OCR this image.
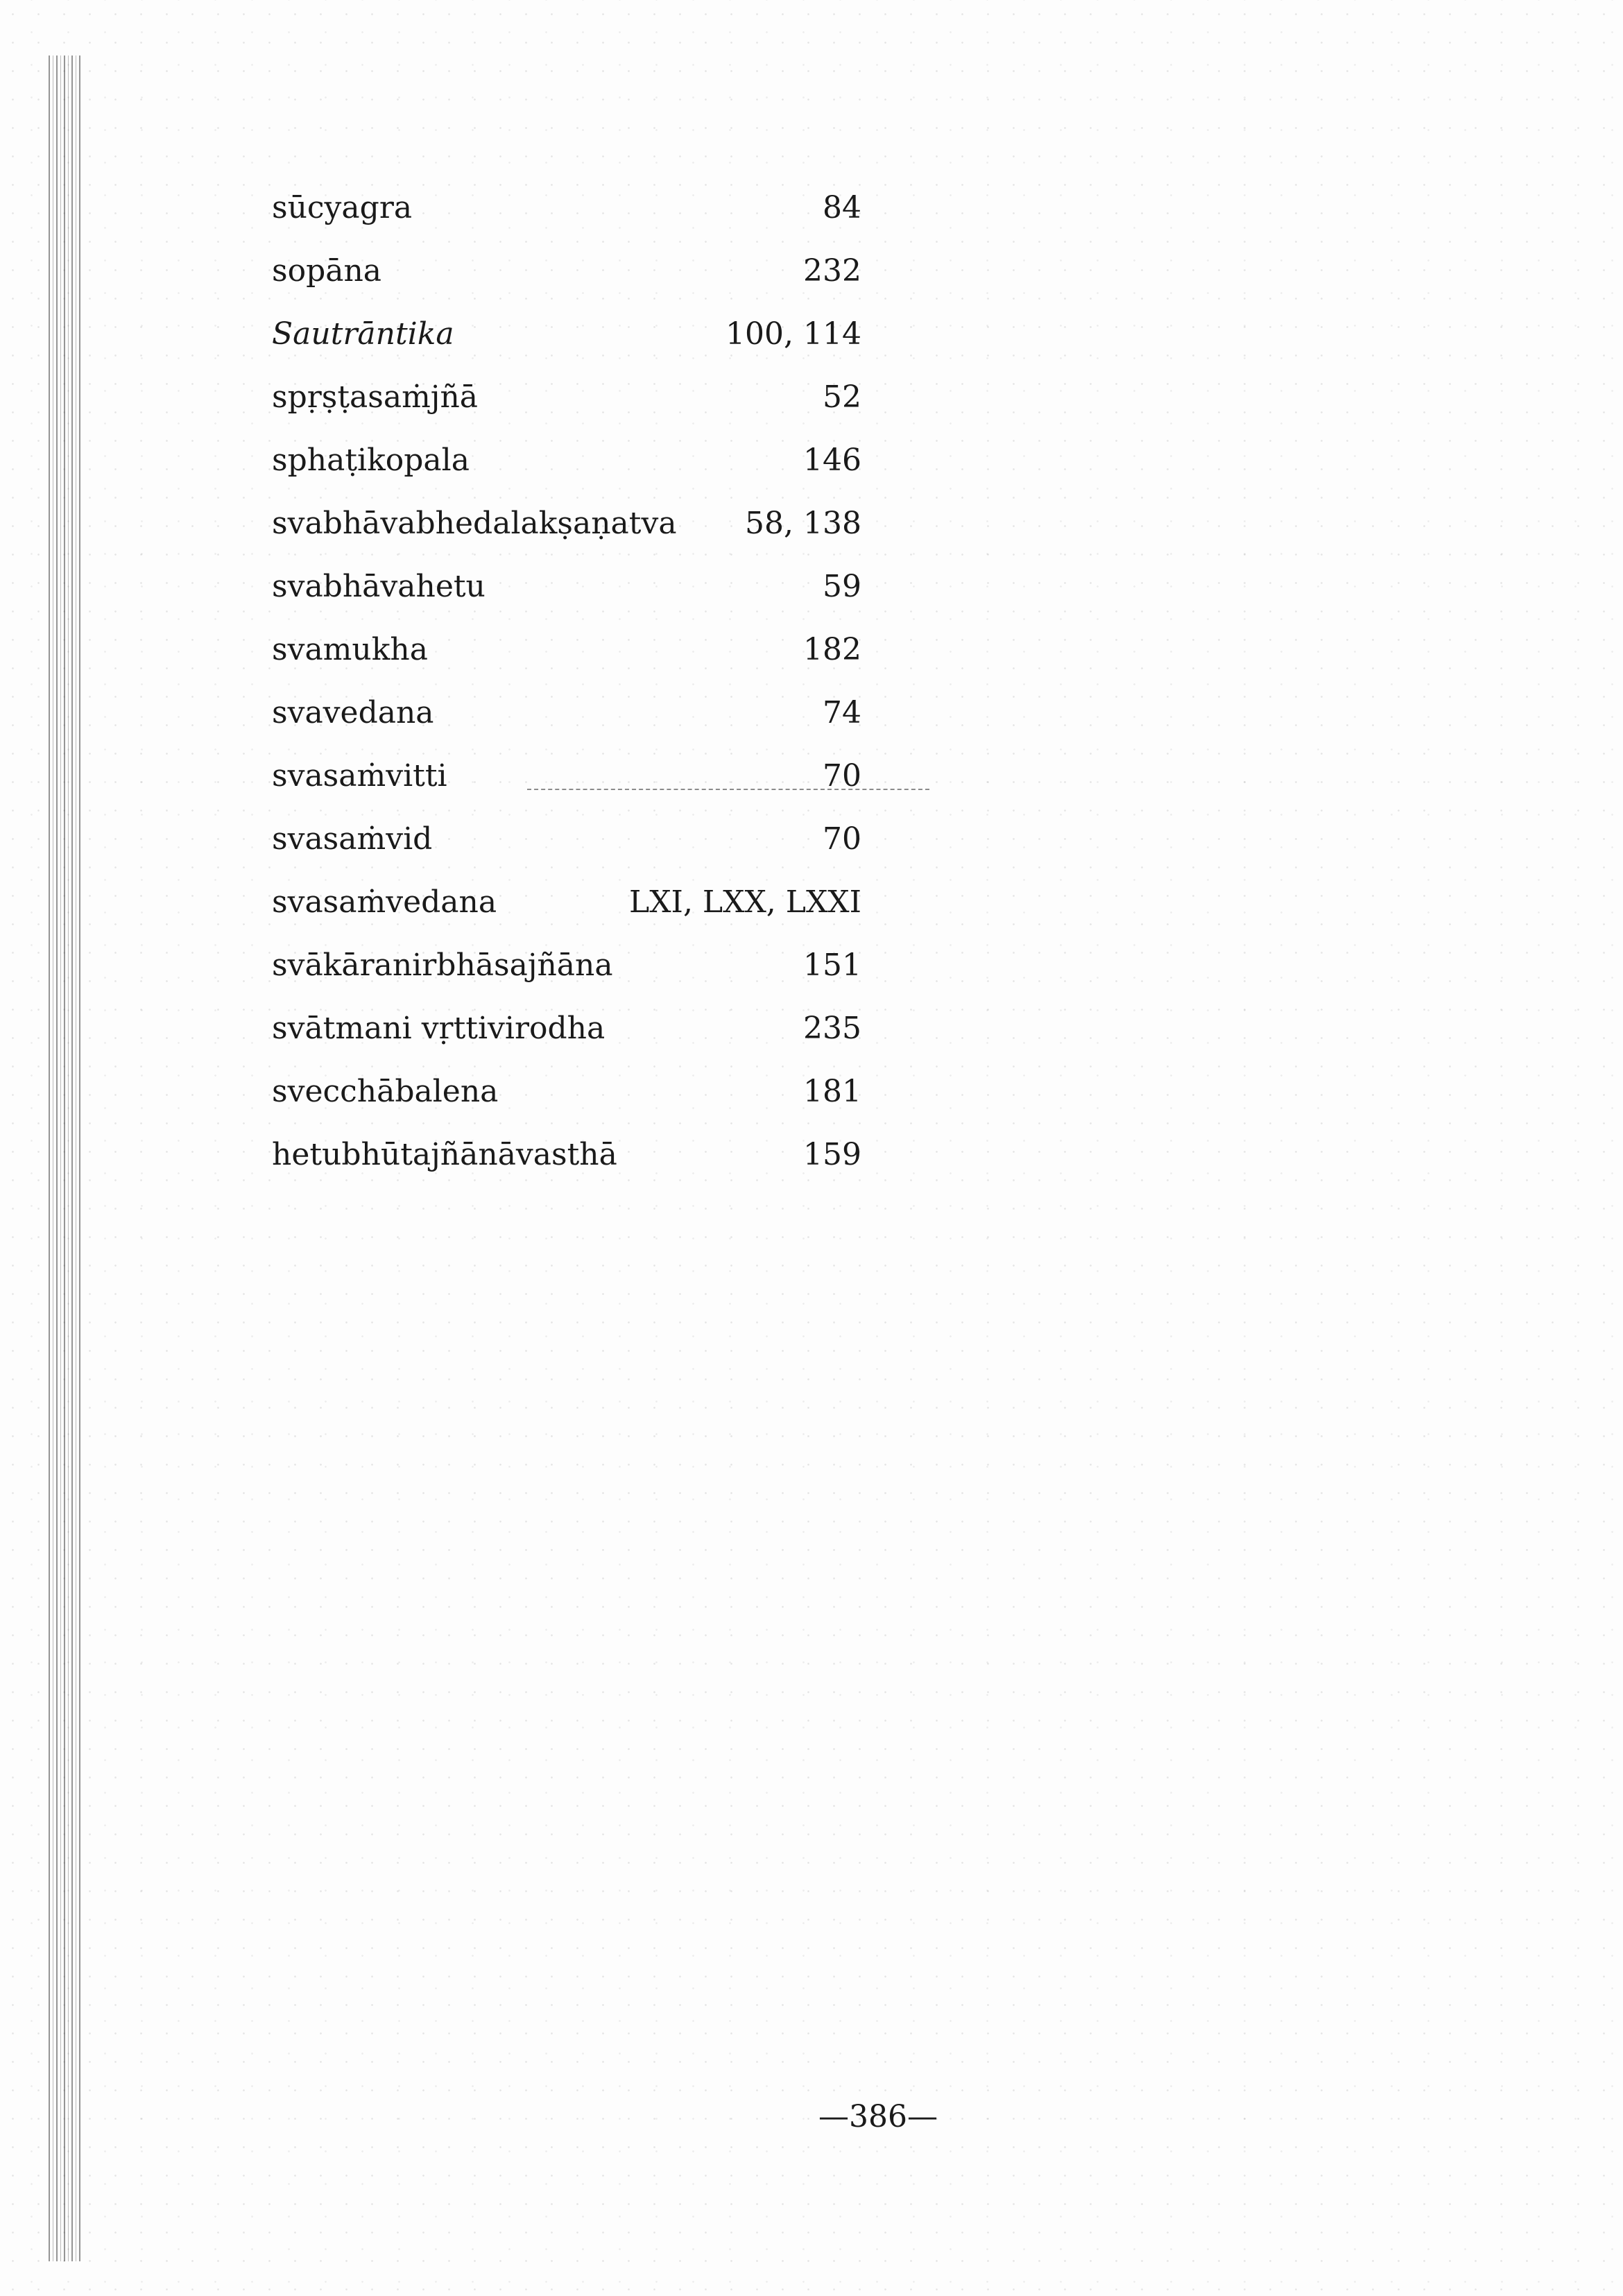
sūcyagra	84
sopāna	232
Sautrāntika	100, 114
spṛṣṭasaṁjñā	52
sphaṭikopala	146
svabhāvabhedalakṣaṇatva	58, 138
svabhāvahetu	59
svamukha	182
svavedana	74
svasaṁvitti	70
svasaṁvid	70
svasaṁvedana	LXI, LXX, LXXI
svākāranirbhāsajñāna	151
svātmani vṛttivirodha	235
svecchābalena	181
hetubhūtajñānāvasthā	159
—386—
